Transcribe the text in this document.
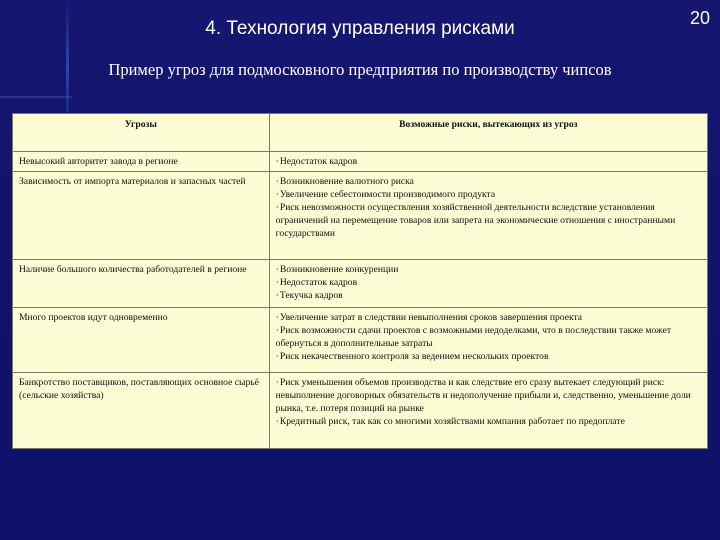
4. Технология управления рисками	20
Пример угроз для подмосковного предприятия по производству чипсов
Угрозы	Возможные риски, вытекающих из угроз
Невысокий авторитет завода в регионе	· Недостаток кадров

Зависимость от импорта материалов и запасных частей	· Возникновение валютного риска
· Увеличение себестоимости производимого продукта
· Риск невозможности осуществления хозяйственной деятельности вследствие установления ограничений на перемещение товаров или запрета на экономические отношения с иностранными государствами

Наличие большого количества работодателей в регионе	· Возникновение конкуренции
· Недостаток кадров
· Текучка кадров

Много проектов идут одновременно	· Увеличение затрат в следствии невыполнения сроков завершения проекта
· Риск возможности сдачи проектов с возможными недоделками, что в последствии также может обернуться в дополнительные затраты
· Риск некачественного контроля за ведением нескольких проектов

Банкротство поставщиков, поставляющих основное сырьё (сельские хозяйства)	· Риск уменьшения объемов производства и как следствие его сразу вытекает следующий риск: невыполнение договорных обязательств и недополучение прибыли и, следственно, уменьшение доли рынка, т.е. потеря позиций на рынке
· Кредитный риск, так как со многими хозяйствами компания работает по предоплате
